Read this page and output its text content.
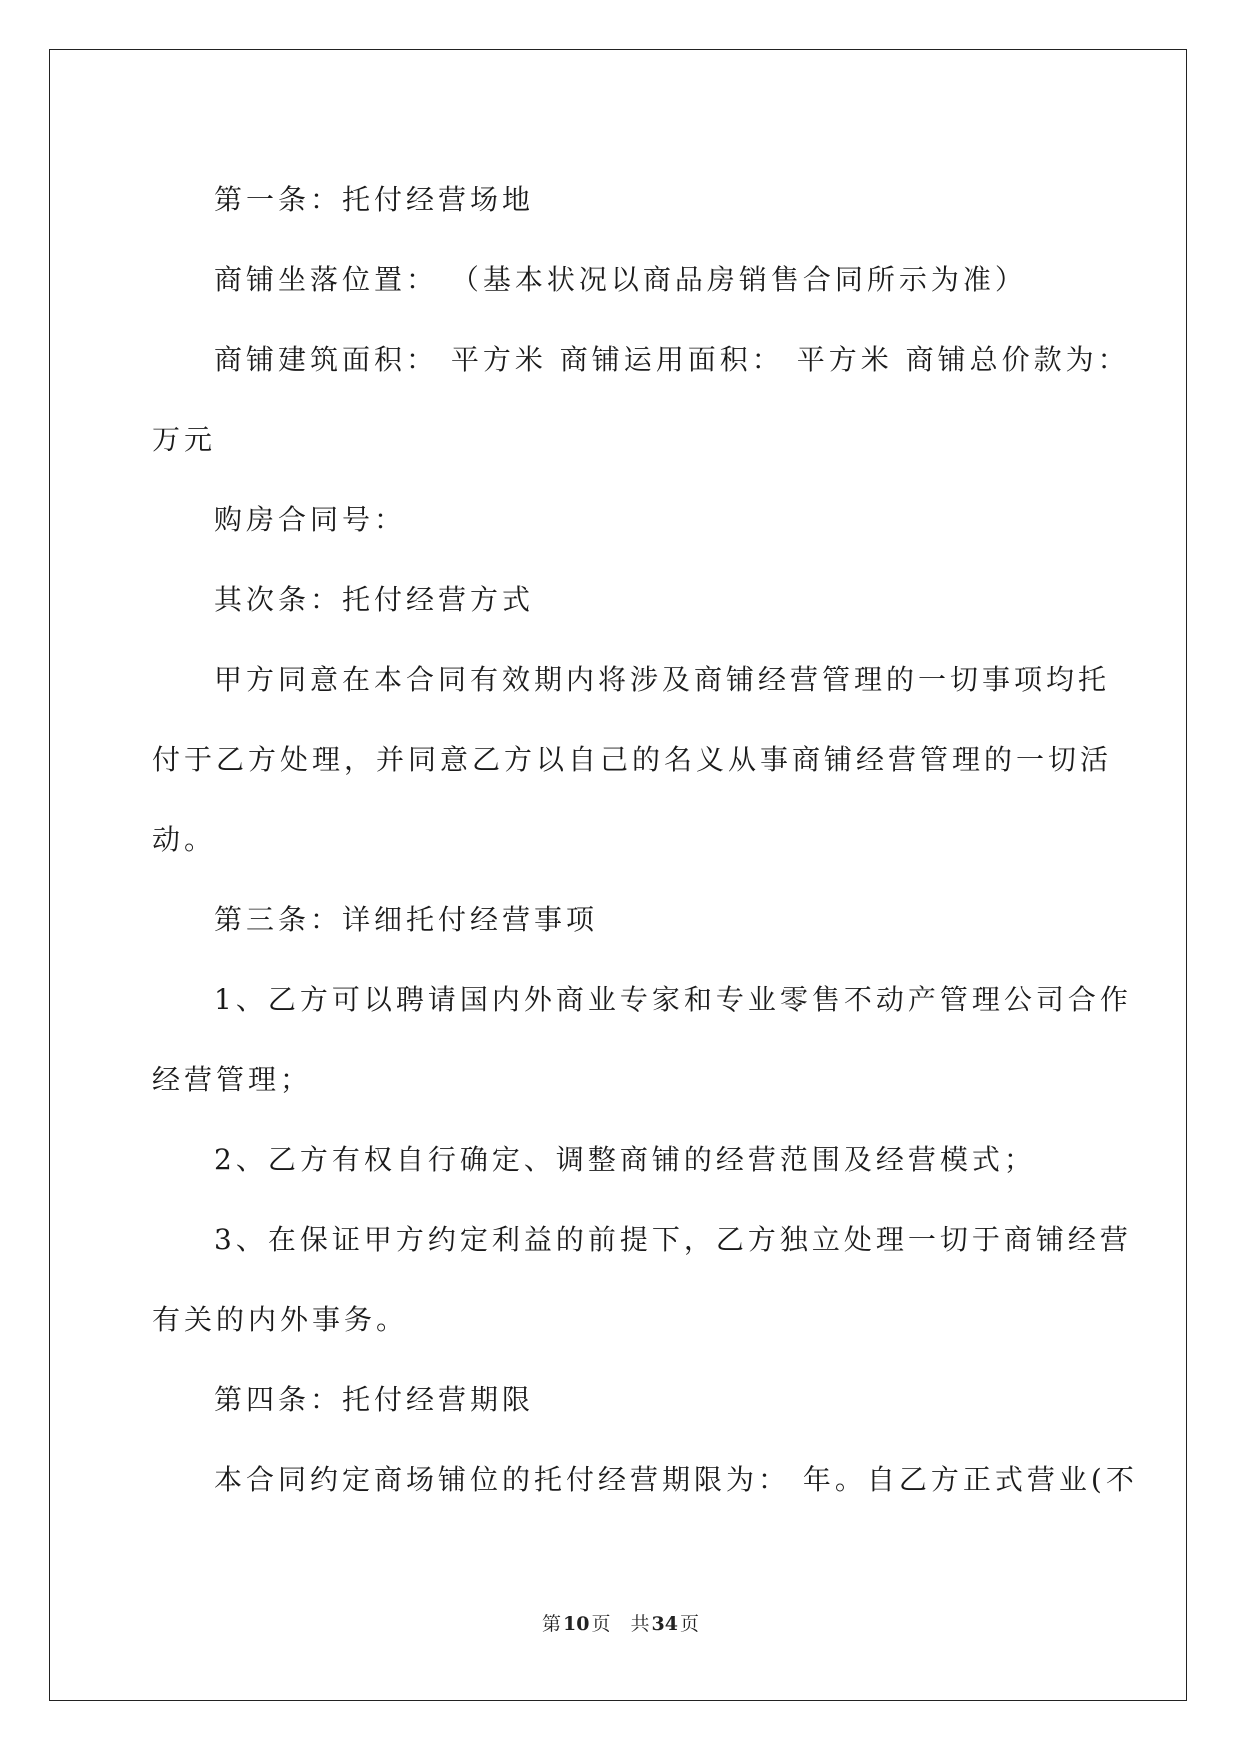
第一条：托付经营场地

商铺坐落位置： （基本状况以商品房销售合同所示为准）

商铺建筑面积： 平方米 商铺运用面积： 平方米 商铺总价款为：

万元

购房合同号：

其次条：托付经营方式

甲方同意在本合同有效期内将涉及商铺经营管理的一切事项均托

付于乙方处理，并同意乙方以自己的名义从事商铺经营管理的一切活

动。

第三条：详细托付经营事项

1、乙方可以聘请国内外商业专家和专业零售不动产管理公司合作

经营管理；

2、乙方有权自行确定、调整商铺的经营范围及经营模式；

3、在保证甲方约定利益的前提下，乙方独立处理一切于商铺经营

有关的内外事务。

第四条：托付经营期限

本合同约定商场铺位的托付经营期限为： 年。自乙方正式营业(不

第 10 页 共 34 页
